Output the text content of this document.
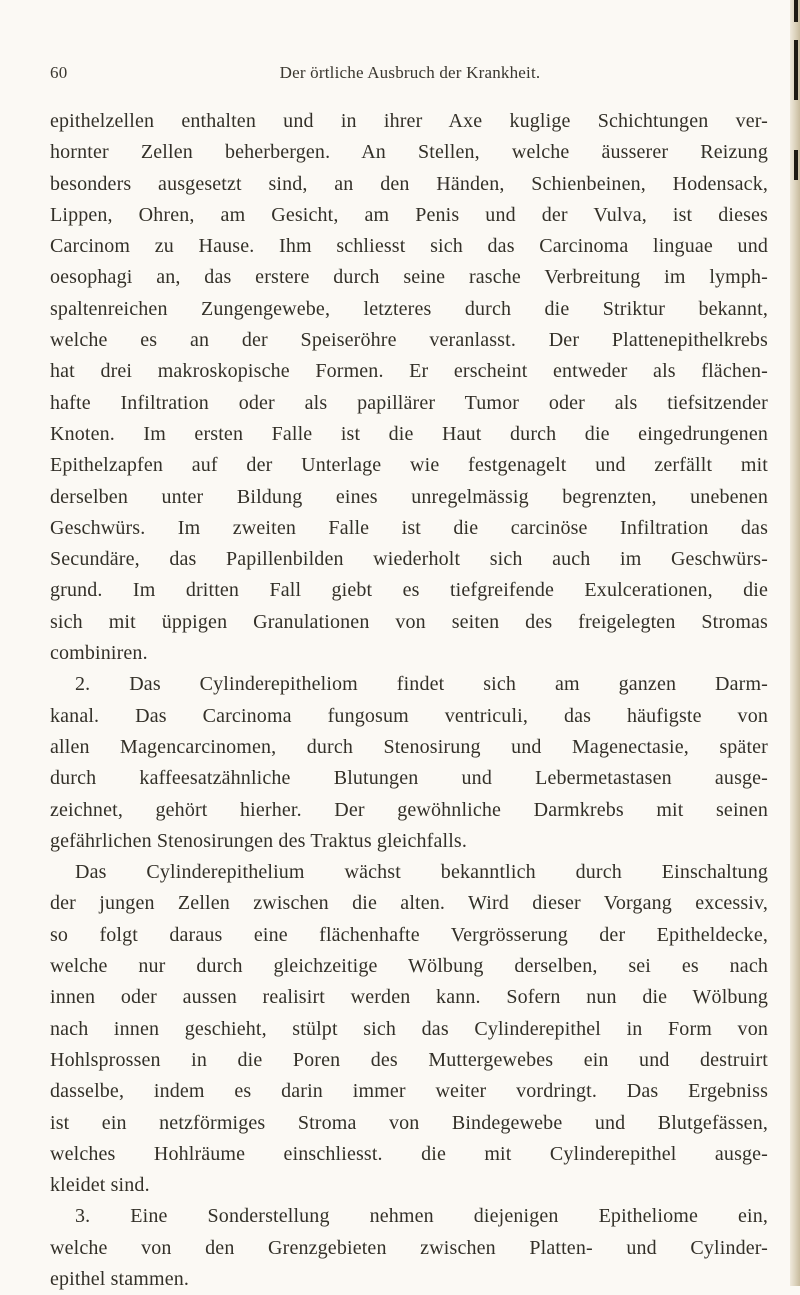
60	Der örtliche Ausbruch der Krankheit.
epithelzellen enthalten und in ihrer Axe kuglige Schichtungen ver-
hornter Zellen beherbergen. An Stellen, welche äusserer Reizung
besonders ausgesetzt sind, an den Händen, Schienbeinen, Hodensack,
Lippen, Ohren, am Gesicht, am Penis und der Vulva, ist dieses
Carcinom zu Hause. Ihm schliesst sich das Carcinoma linguae und
oesophagi an, das erstere durch seine rasche Verbreitung im lymph-
spaltenreichen Zungengewebe, letzteres durch die Striktur bekannt,
welche es an der Speiseröhre veranlasst. Der Plattenepithelkrebs
hat drei makroskopische Formen. Er erscheint entweder als flächen-
hafte Infiltration oder als papillärer Tumor oder als tiefsitzender
Knoten. Im ersten Falle ist die Haut durch die eingedrungenen
Epithelzapfen auf der Unterlage wie festgenagelt und zerfällt mit
derselben unter Bildung eines unregelmässig begrenzten, unebenen
Geschwürs. Im zweiten Falle ist die carcinöse Infiltration das
Secundäre, das Papillenbilden wiederholt sich auch im Geschwürs-
grund. Im dritten Fall giebt es tiefgreifende Exulcerationen, die
sich mit üppigen Granulationen von seiten des freigelegten Stromas
combiniren.
2. Das Cylinderepitheliom findet sich am ganzen Darm-
kanal. Das Carcinoma fungosum ventriculi, das häufigste von
allen Magencarcinomen, durch Stenosirung und Magenectasie, später
durch kaffeesatzähnliche Blutungen und Lebermetastasen ausge-
zeichnet, gehört hierher. Der gewöhnliche Darmkrebs mit seinen
gefährlichen Stenosirungen des Traktus gleichfalls.
Das Cylinderepithelium wächst bekanntlich durch Einschaltung
der jungen Zellen zwischen die alten. Wird dieser Vorgang excessiv,
so folgt daraus eine flächenhafte Vergrösserung der Epitheldecke,
welche nur durch gleichzeitige Wölbung derselben, sei es nach
innen oder aussen realisirt werden kann. Sofern nun die Wölbung
nach innen geschieht, stülpt sich das Cylinderepithel in Form von
Hohlsprossen in die Poren des Muttergewebes ein und destruirt
dasselbe, indem es darin immer weiter vordringt. Das Ergebniss
ist ein netzförmiges Stroma von Bindegewebe und Blutgefässen,
welches Hohlräume einschliesst. die mit Cylinderepithel ausge-
kleidet sind.
3. Eine Sonderstellung nehmen diejenigen Epitheliome ein,
welche von den Grenzgebieten zwischen Platten- und Cylinder-
epithel stammen.
